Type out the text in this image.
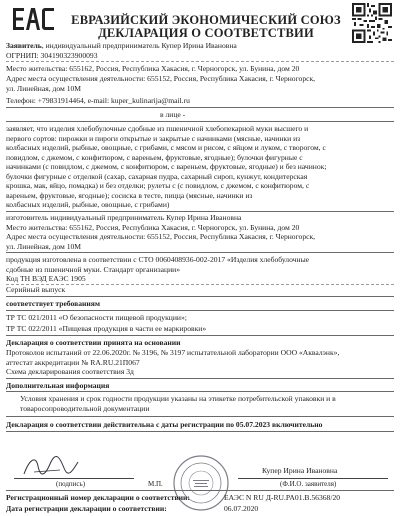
ЕВРАЗИЙСКИЙ ЭКОНОМИЧЕСКИЙ СОЮЗ
ДЕКЛАРАЦИЯ О СООТВЕТСТВИИ
Заявитель, индивидуальный предприниматель Купер Ирина Ивановна
ОГРНИП: 304190323900093
Место жительства: 655162, Россия, Республика Хакасия, г. Черногорск, ул. Бунина, дом 20
Адрес места осуществления деятельности: 655152, Россия, Республика Хакасия, г. Черногорск,
ул. Линейная, дом 10М
Телефон: +79831914464, e-mail: kuper_kulinarija@mail.ru
в лице -
заявляет, что изделия хлебобулочные сдобные из пшеничной хлебопекарной муки высшего и
первого сортов: пирожки и пироги открытые и закрытые с начинками (мясные, начинки из
колбасных изделий, рыбные, овощные, с грибами, с мясом и рисом, с яйцом и луком, с творогом, с
повидлом, с джемом, с конфитюром, с вареньем, фруктовые, ягодные); булочки фигурные с
начинками (с повидлом, с джемом, с конфитюром, с вареньем, фруктовые, ягодные) и без начинок;
булочки фигурные с отделкой (сахар, сахарная пудра, сахарный сироп, кунжут, кондитерская
крошка, мак, яйцо, помадка) и без отделки; рулеты с (с повидлом, с джемом, с конфитюром, с
вареньем, фруктовые, ягодные); сосиска в тесте, пицца (мясные, начинки из
колбасных изделий, рыбные, овощные, с грибами)
изготовитель индивидуальный предприниматель Купер Ирина Ивановна
Место жительства: 655162, Россия, Республика Хакасия, г. Черногорск, ул. Бунина, дом 20
Адрес места осуществления деятельности: 655152, Россия, Республика Хакасия, г. Черногорск,
ул. Линейная, дом 10М
продукция изготовлена в соответствии с СТО 0060408936-002-2017 «Изделия хлебобулочные
сдобные из пшеничной муки. Стандарт организации»
Код ТН ВЭД ЕАЭС 1905
Серийный выпуск
соответствует требованиям
ТР ТС 021/2011 «О безопасности пищевой продукции»;
ТР ТС 022/2011 «Пищевая продукция в части ее маркировки»
Декларация о соответствии принята на основании
Протоколов испытаний от 22.06.2020г. № 3196, № 3197 испытательной лаборатории ООО «Аквалэнк»,
аттестат аккредитации № RA.RU.21П067
Схема декларирования соответствия 3д
Дополнительная информация
Условия хранения и срок годности продукции указаны на этикетке потребительской упаковки и в
товаросопроводительной документации
Декларация о соответствии действительна с даты регистрации по 05.07.2023 включительно
(подпись)	М.П.
Купер Ирина Ивановна
(Ф.И.О. заявителя)
Регистрационный номер декларации о соответствии:	ЕАЭС N RU Д-RU.PA01.B.56368/20
Дата регистрации декларации о соответствии:	06.07.2020
